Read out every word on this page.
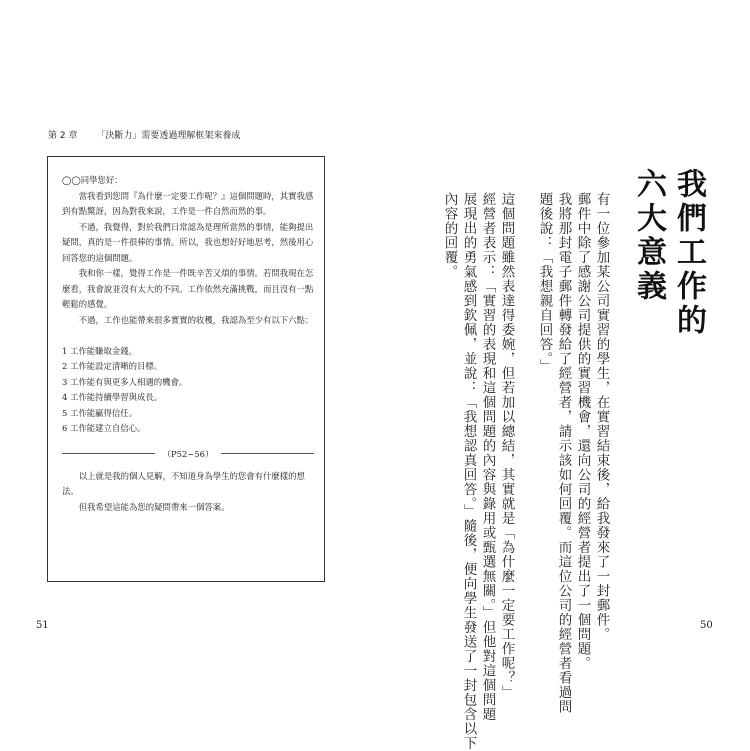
第 2 章 「決斷力」需要透過理解框架來養成

◯◯同學您好：

當我看到您問『為什麼一定要工作呢？』這個問題時，其實我感到有點驚訝，因為對我來說，工作是一件自然而然的事。

不過，我覺得，對於我們日常認為是理所當然的事情，能夠提出疑問，真的是一件很棒的事情。所以，我也想好好地思考，然後用心回答您的這個問題。

我和你一樣，覺得工作是一件既辛苦又煩的事情。若問我現在怎麼看，我會說並沒有太大的不同。工作依然充滿挑戰，而且沒有一點輕鬆的感覺。

不過，工作也能帶來很多實實的收穫，我認為至少有以下六點：

1 工作能賺取金錢。
2 工作能設定清晰的目標。
3 工作能有與更多人相遇的機會。
4 工作能持續學習與成長。
5 工作能贏得信任。
6 工作能建立自信心。
（P52~56）

以上就是我的個人見解，不知道身為學生的您會有什麼樣的想法。

但我希望這能為您的疑問帶來一個答案。

51
我們工作的
六大意義
有一位參加某公司實習的學生，在實習結束後，給我發來了一封郵件。
郵件中除了感謝公司提供的實習機會，還向公司的經營者提出了一個問題。
我將那封電子郵件轉發給了經營者，請示該如何回覆。而這位公司的經營者看過問
題後說：「我想親自回答。」
這個問題雖然表達得委婉，但若加以總結，其實就是「為什麼一定要工作呢？」
經營者表示：「實習的表現和這個問題的內容與錄用或甄選無關。」但他對這個問題
展現出的勇氣感到欽佩，並說：「我想認真回答。」隨後，便向學生發送了一封包含以下
內容的回覆。
50
